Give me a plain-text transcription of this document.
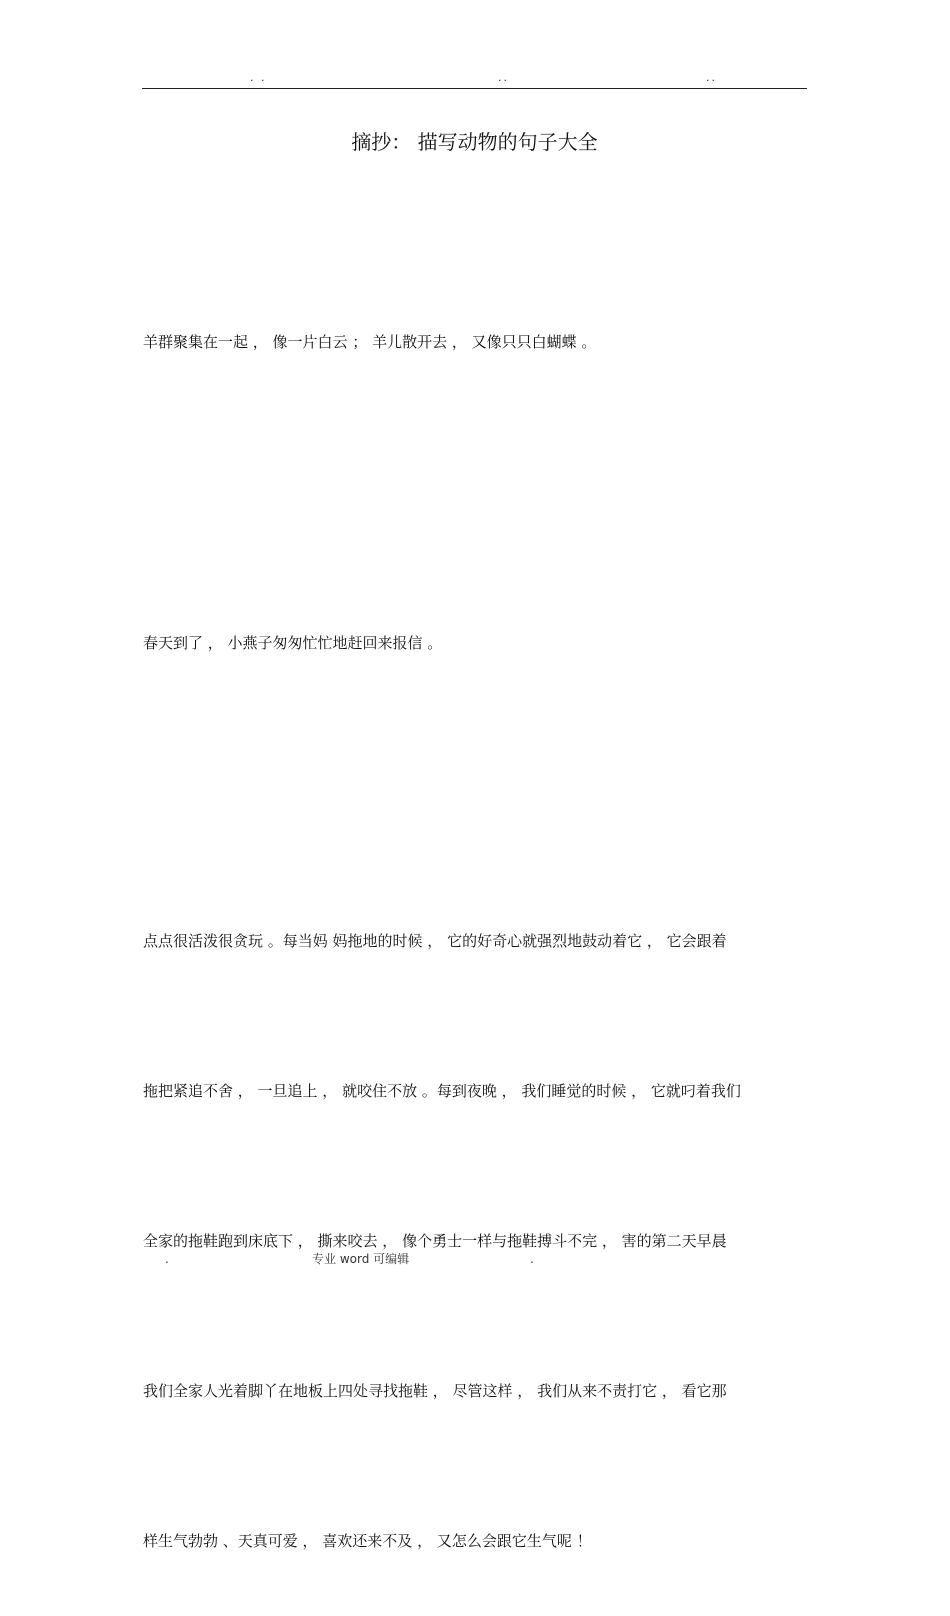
. .	..	..
摘抄： 描写动物的句子大全

羊群聚集在一起 ， 像一片白云 ； 羊儿散开去 ， 又像只只白蝴蝶 。

春天到了 ， 小燕子匆匆忙忙地赶回来报信 。

点点很活泼很贪玩 。每当妈 妈拖地的时候 ， 它的好奇心就强烈地鼓动着它 ， 它会跟着

拖把紧追不舍 ， 一旦追上 ， 就咬住不放 。每到夜晚 ， 我们睡觉的时候 ， 它就叼着我们

全家的拖鞋跑到床底下 ， 撕来咬去 ， 像个勇士一样与拖鞋搏斗不完 ， 害的第二天早晨

我们全家人光着脚丫在地板上四处寻找拖鞋 ， 尽管这样 ， 我们从来不责打它 ， 看它那

样生气勃勃 、天真可爱 ， 喜欢还来不及 ， 又怎么会跟它生气呢 ！

.	专业 word 可编辑	.
